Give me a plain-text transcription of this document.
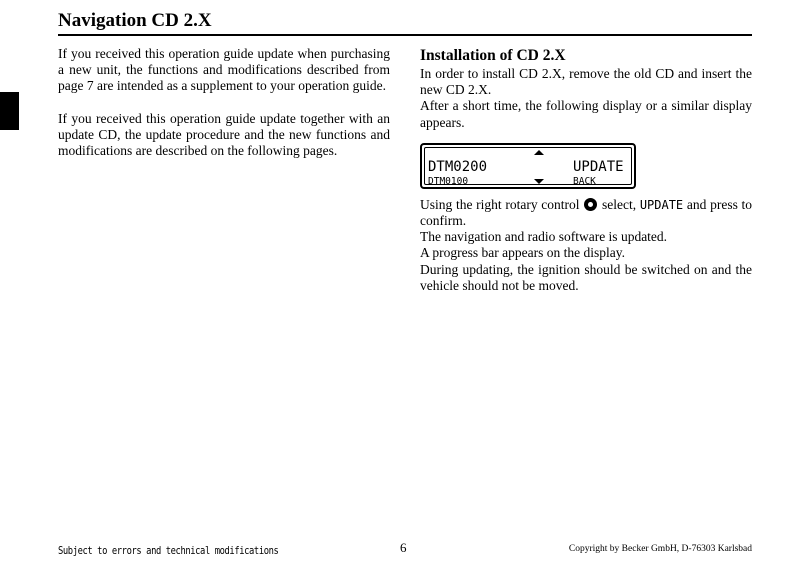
Navigation CD 2.X

If you received this operation guide update when purchasing a new unit, the functions and modifications described from page 7 are intended as a supplement to your operation guide.

If you received this operation guide update together with an update CD, the update procedure and the new functions and modifications are described on the following pages.

Installation of CD 2.X

In order to install CD 2.X, remove the old CD and insert the new CD 2.X.

After a short time, the following display or a similar display appears.

DTM0200	UPDATE
DTM0100	BACK

Using the right rotary control select, UPDATE and press to confirm.

The navigation and radio software is updated.

A progress bar appears on the display.

During updating, the ignition should be switched on and the vehicle should not be moved.

Subject to errors and technical modifications	6	Copyright by Becker GmbH, D-76303 Karlsbad
